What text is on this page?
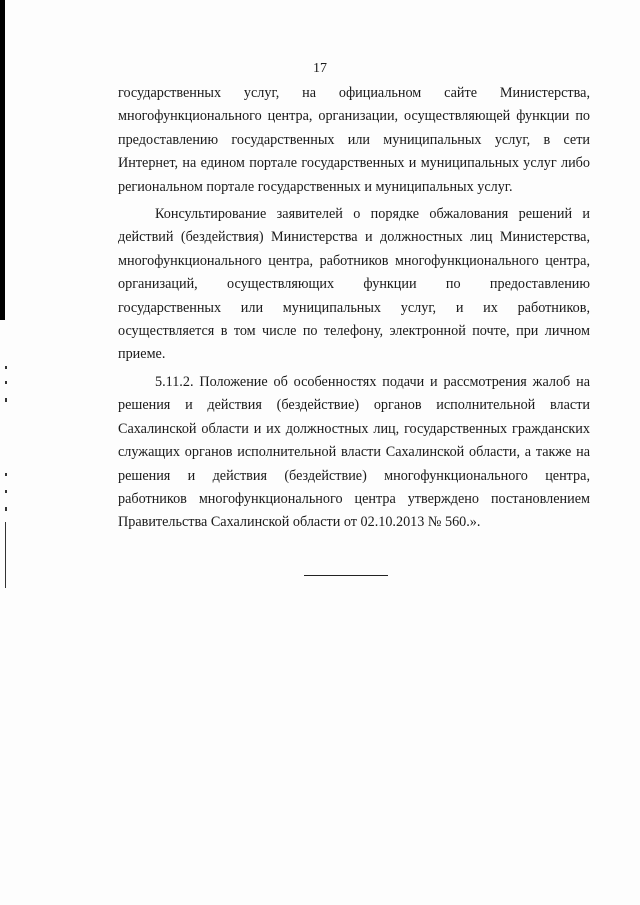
17

государственных услуг, на официальном сайте Министерства, многофункционального центра, организации, осуществляющей функции по предоставлению государственных или муниципальных услуг, в сети Интернет, на едином портале государственных и муниципальных услуг либо региональном портале государственных и муниципальных услуг.

Консультирование заявителей о порядке обжалования решений и действий (бездействия) Министерства и должностных лиц Министерства, многофункционального центра, работников многофункционального центра, организаций, осуществляющих функции по предоставлению государственных или муниципальных услуг, и их работников, осуществляется в том числе по телефону, электронной почте, при личном приеме.

5.11.2. Положение об особенностях подачи и рассмотрения жалоб на решения и действия (бездействие) органов исполнительной власти Сахалинской области и их должностных лиц, государственных гражданских служащих органов исполнительной власти Сахалинской области, а также на решения и действия (бездействие) многофункционального центра, работников многофункционального центра утверждено постановлением Правительства Сахалинской области от 02.10.2013 № 560.».
